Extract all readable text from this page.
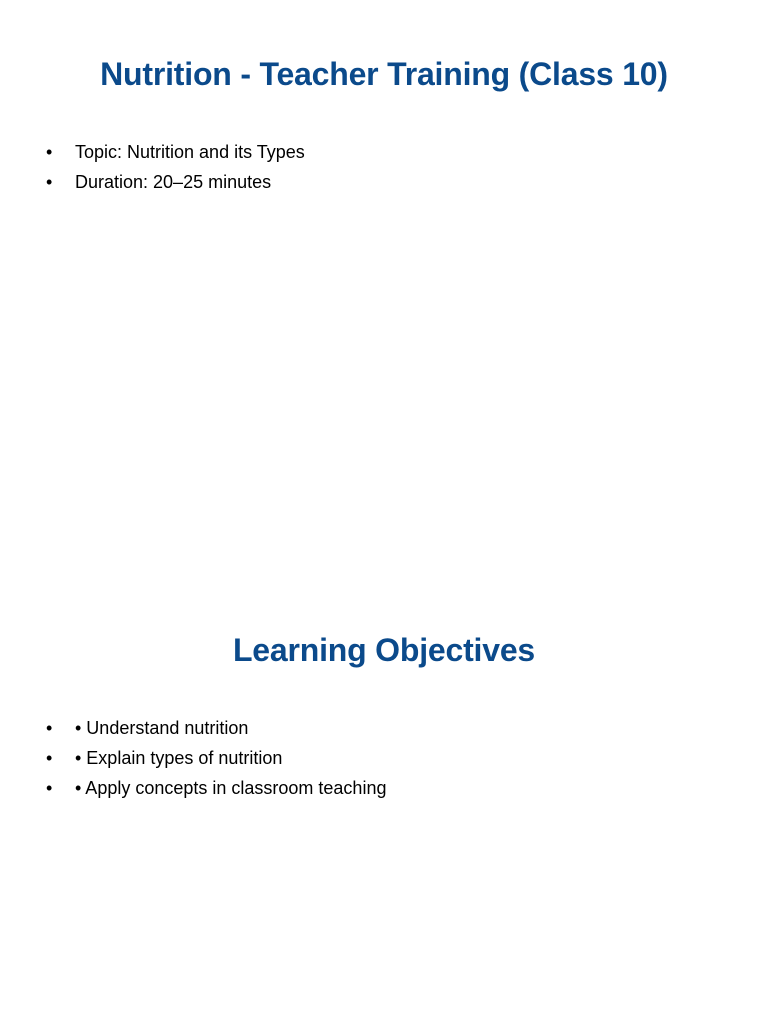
Nutrition - Teacher Training (Class 10)
• Topic: Nutrition and its Types
• Duration: 20–25 minutes
Learning Objectives
• • Understand nutrition
• • Explain types of nutrition
• • Apply concepts in classroom teaching
